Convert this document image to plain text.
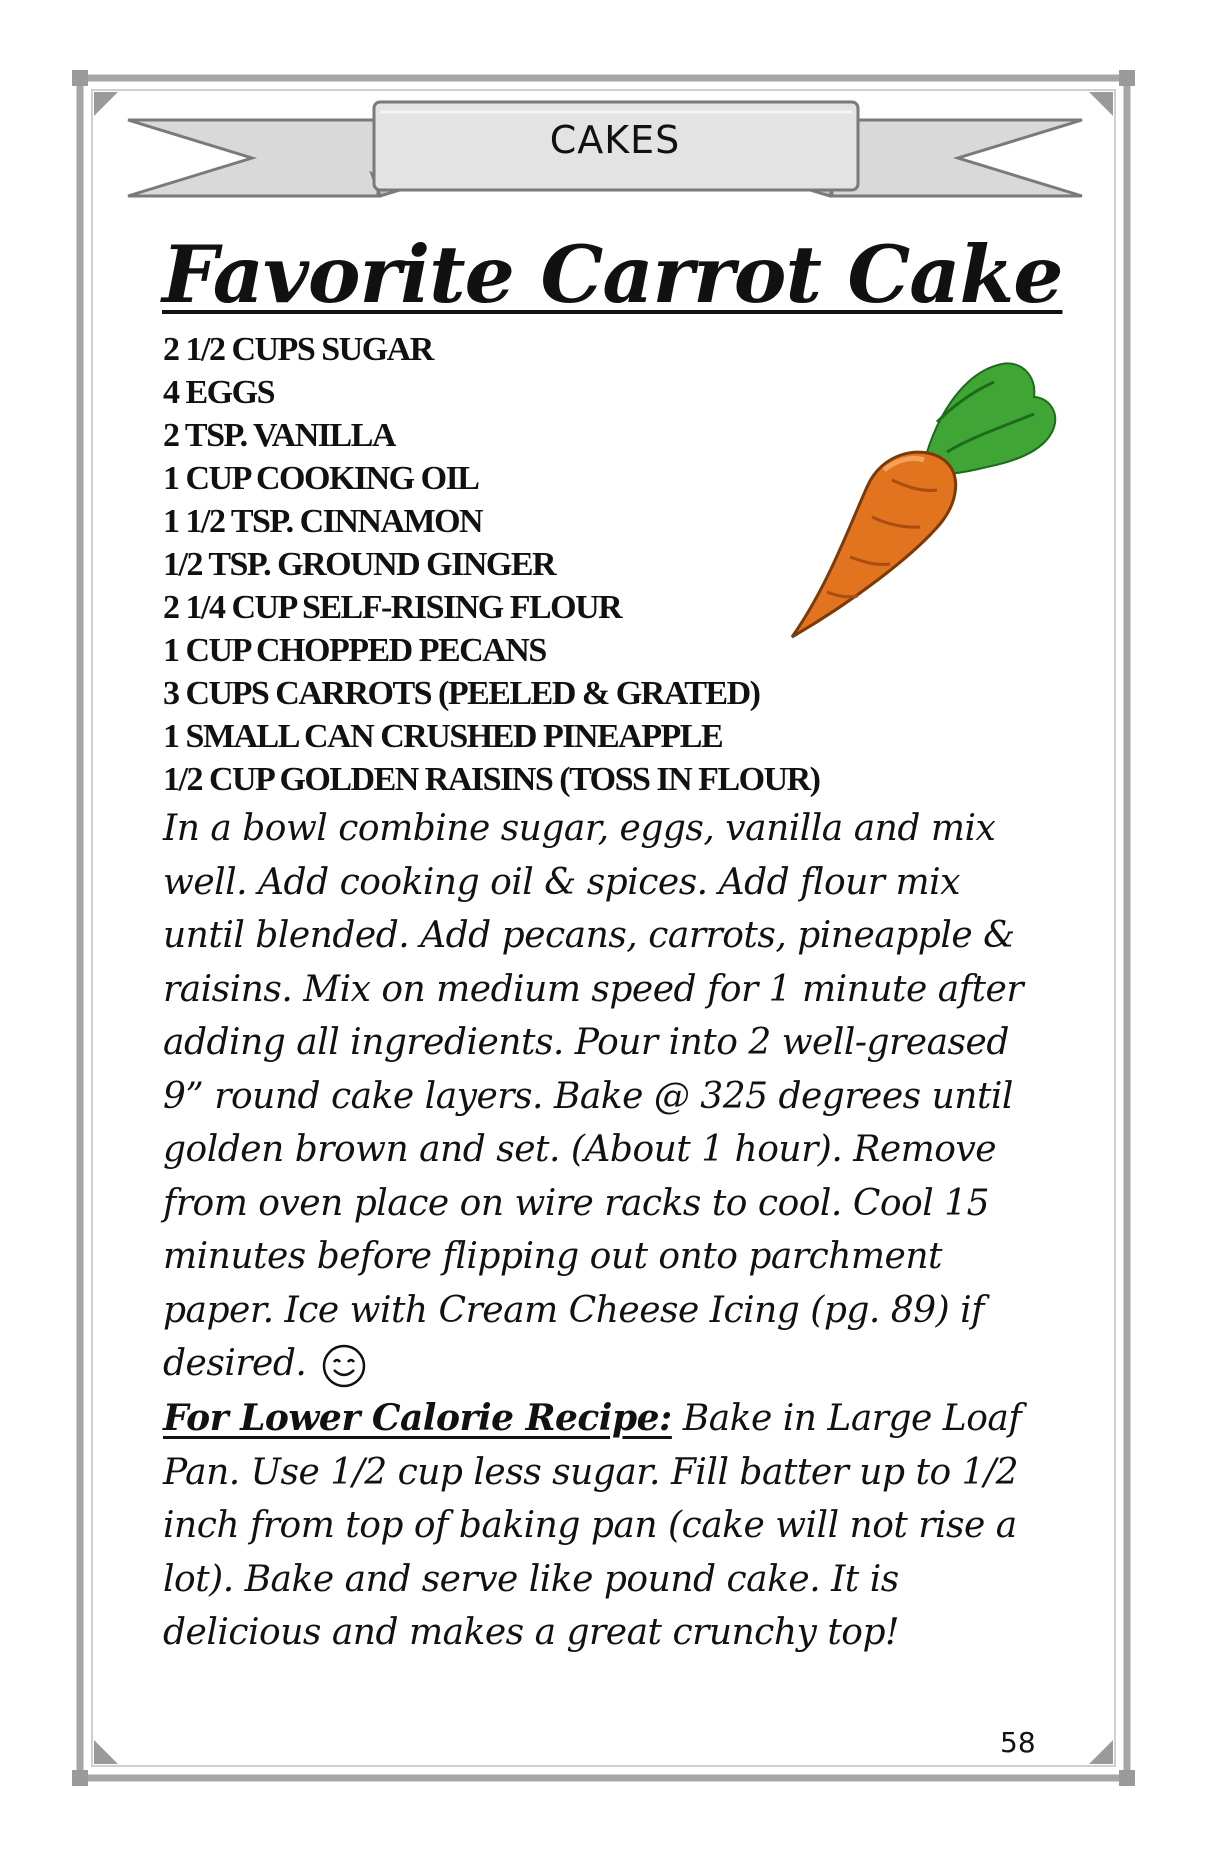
CAKES
Favorite Carrot Cake
2 1/2 CUPS SUGAR
4 EGGS
2 TSP. VANILLA
1 CUP COOKING OIL
1 1/2 TSP. CINNAMON
1/2 TSP. GROUND GINGER
2 1/4 CUP SELF-RISING FLOUR
1 CUP CHOPPED PECANS
3 CUPS CARROTS (PEELED & GRATED)
1 SMALL CAN CRUSHED PINEAPPLE
1/2 CUP GOLDEN RAISINS (TOSS IN FLOUR)
In a bowl combine sugar, eggs, vanilla and mix
well. Add cooking oil & spices. Add flour mix
until blended. Add pecans, carrots, pineapple &
raisins. Mix on medium speed for 1 minute after
adding all ingredients. Pour into 2 well-greased
9” round cake layers. Bake @ 325 degrees until
golden brown and set. (About 1 hour). Remove
from oven place on wire racks to cool. Cool 15
minutes before flipping out onto parchment
paper. Ice with Cream Cheese Icing (pg. 89) if
desired.
For Lower Calorie Recipe: Bake in Large Loaf
Pan. Use 1/2 cup less sugar. Fill batter up to 1/2
inch from top of baking pan (cake will not rise a
lot). Bake and serve like pound cake. It is
delicious and makes a great crunchy top!
58
